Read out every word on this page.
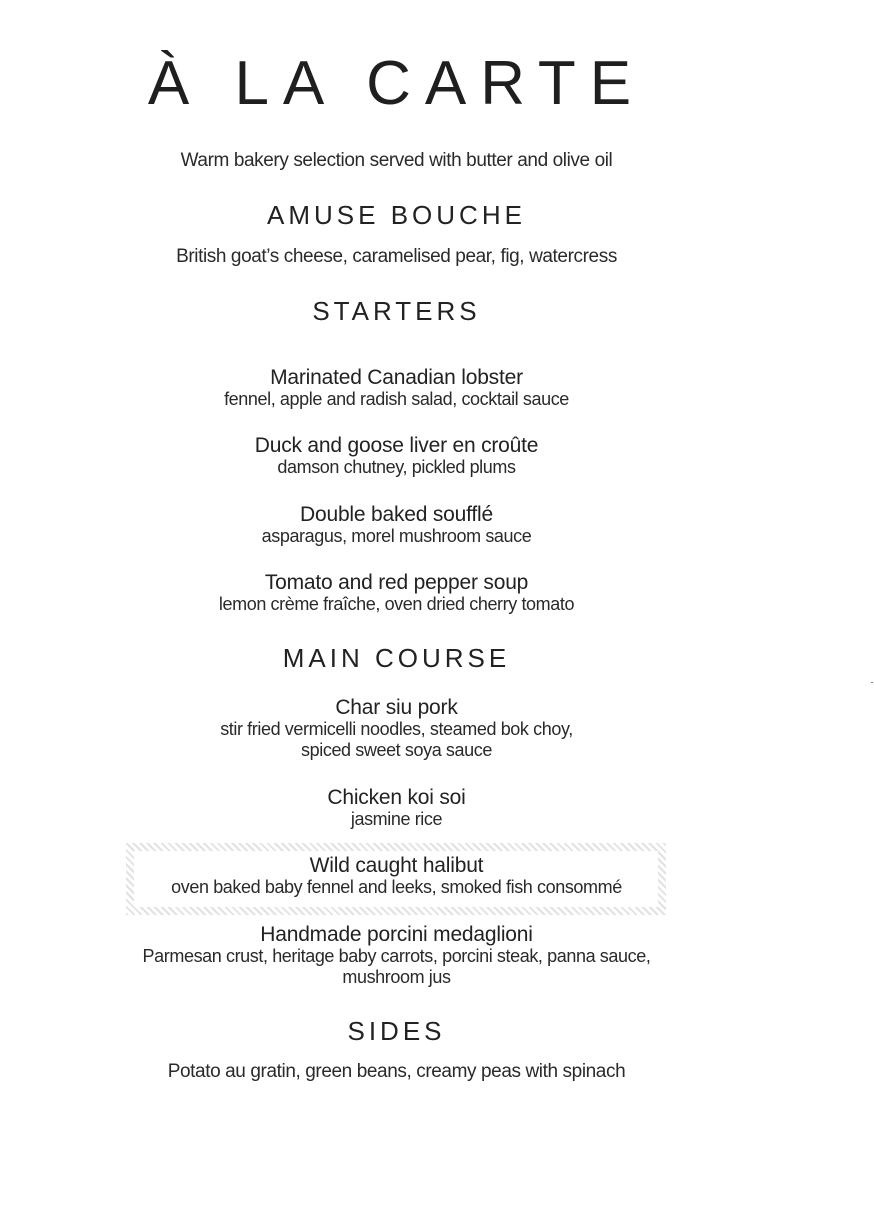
À LA CARTE
Warm bakery selection served with butter and olive oil
AMUSE BOUCHE
British goat’s cheese, caramelised pear, fig, watercress
STARTERS
Marinated Canadian lobster
fennel, apple and radish salad, cocktail sauce
Duck and goose liver en croûte
damson chutney, pickled plums
Double baked soufflé
asparagus, morel mushroom sauce
Tomato and red pepper soup
lemon crème fraîche, oven dried cherry tomato
MAIN COURSE
Char siu pork
stir fried vermicelli noodles, steamed bok choy,
spiced sweet soya sauce
Chicken koi soi
jasmine rice
Wild caught halibut
oven baked baby fennel and leeks, smoked fish consommé
Handmade porcini medaglioni
Parmesan crust, heritage baby carrots, porcini steak, panna sauce,
mushroom jus
SIDES
Potato au gratin, green beans, creamy peas with spinach
